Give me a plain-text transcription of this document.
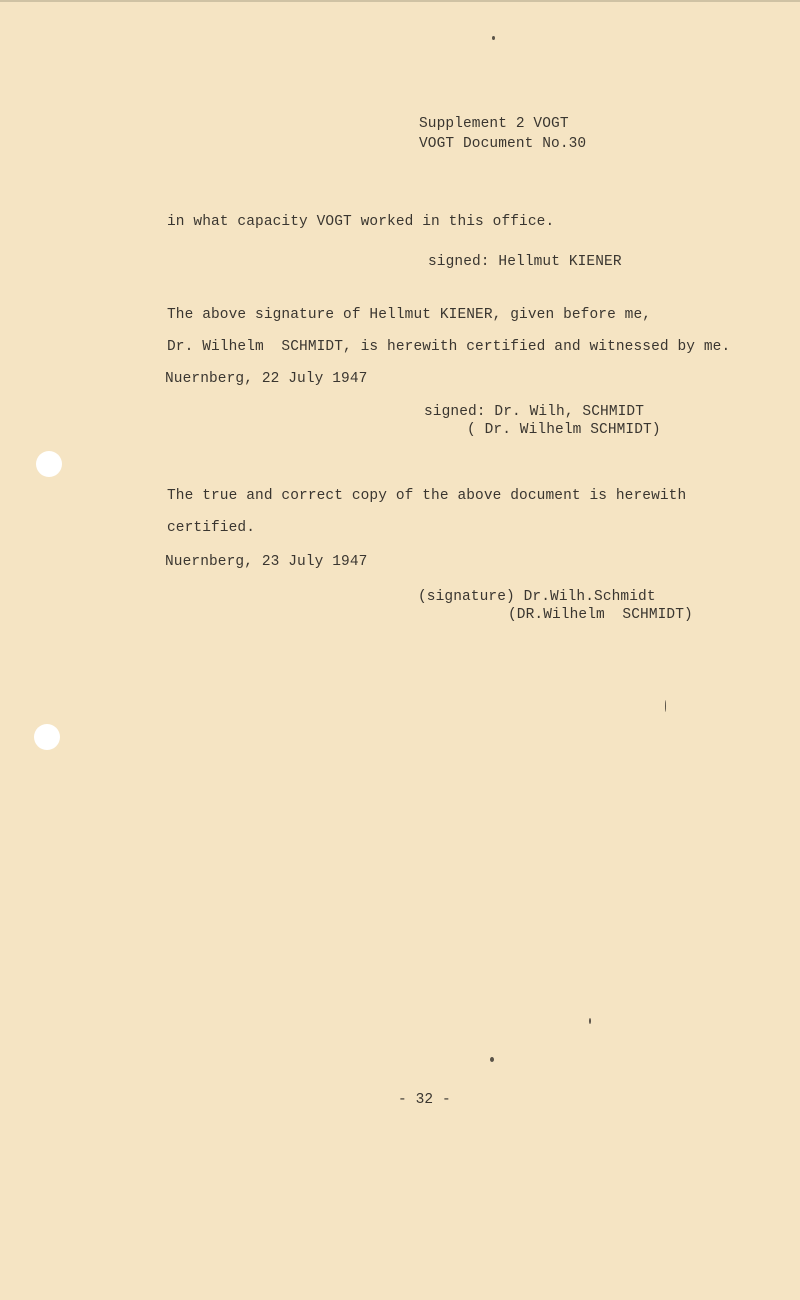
Supplement 2 VOGT
VOGT Document No.30
in what capacity VOGT worked in this office.
signed: Hellmut KIENER
The above signature of Hellmut KIENER, given before me,
Dr. Wilhelm  SCHMIDT, is herewith certified and witnessed by me.
Nuernberg, 22 July 1947
signed: Dr. Wilh, SCHMIDT
( Dr. Wilhelm SCHMIDT)
The true and correct copy of the above document is herewith
certified.
Nuernberg, 23 July 1947
(signature) Dr.Wilh.Schmidt
(DR.Wilhelm  SCHMIDT)
- 32 -
